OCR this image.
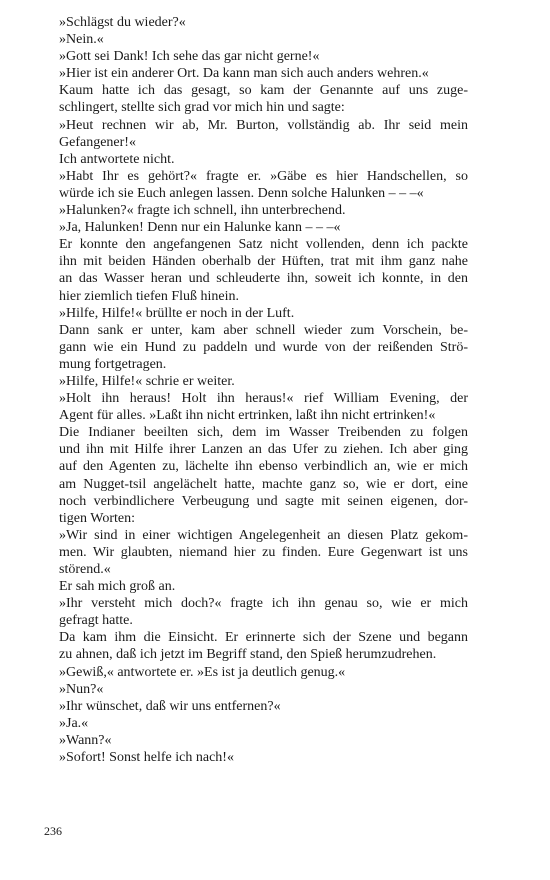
»Schlägst du wieder?«
»Nein.«
»Gott sei Dank! Ich sehe das gar nicht gerne!«
»Hier ist ein anderer Ort. Da kann man sich auch anders wehren.«
Kaum hatte ich das gesagt, so kam der Genannte auf uns zuge-
schlingert, stellte sich grad vor mich hin und sagte:
»Heut rechnen wir ab, Mr. Burton, vollständig ab. Ihr seid mein
Gefangener!«
Ich antwortete nicht.
»Habt Ihr es gehört?« fragte er. »Gäbe es hier Handschellen, so
würde ich sie Euch anlegen lassen. Denn solche Halunken – – –«
»Halunken?« fragte ich schnell, ihn unterbrechend.
»Ja, Halunken! Denn nur ein Halunke kann – – –«
Er konnte den angefangenen Satz nicht vollenden, denn ich packte
ihn mit beiden Händen oberhalb der Hüften, trat mit ihm ganz nahe
an das Wasser heran und schleuderte ihn, soweit ich konnte, in den
hier ziemlich tiefen Fluß hinein.
»Hilfe, Hilfe!« brüllte er noch in der Luft.
Dann sank er unter, kam aber schnell wieder zum Vorschein, be-
gann wie ein Hund zu paddeln und wurde von der reißenden Strö-
mung fortgetragen.
»Hilfe, Hilfe!« schrie er weiter.
»Holt ihn heraus! Holt ihn heraus!« rief William Evening, der
Agent für alles. »Laßt ihn nicht ertrinken, laßt ihn nicht ertrinken!«
Die Indianer beeilten sich, dem im Wasser Treibenden zu folgen
und ihn mit Hilfe ihrer Lanzen an das Ufer zu ziehen. Ich aber ging
auf den Agenten zu, lächelte ihn ebenso verbindlich an, wie er mich
am Nugget-tsil angelächelt hatte, machte ganz so, wie er dort, eine
noch verbindlichere Verbeugung und sagte mit seinen eigenen, dor-
tigen Worten:
»Wir sind in einer wichtigen Angelegenheit an diesen Platz gekom-
men. Wir glaubten, niemand hier zu finden. Eure Gegenwart ist uns
störend.«
Er sah mich groß an.
»Ihr versteht mich doch?« fragte ich ihn genau so, wie er mich
gefragt hatte.
Da kam ihm die Einsicht. Er erinnerte sich der Szene und begann
zu ahnen, daß ich jetzt im Begriff stand, den Spieß herumzudrehen.
»Gewiß,« antwortete er. »Es ist ja deutlich genug.«
»Nun?«
»Ihr wünschet, daß wir uns entfernen?«
»Ja.«
»Wann?«
»Sofort! Sonst helfe ich nach!«
236
